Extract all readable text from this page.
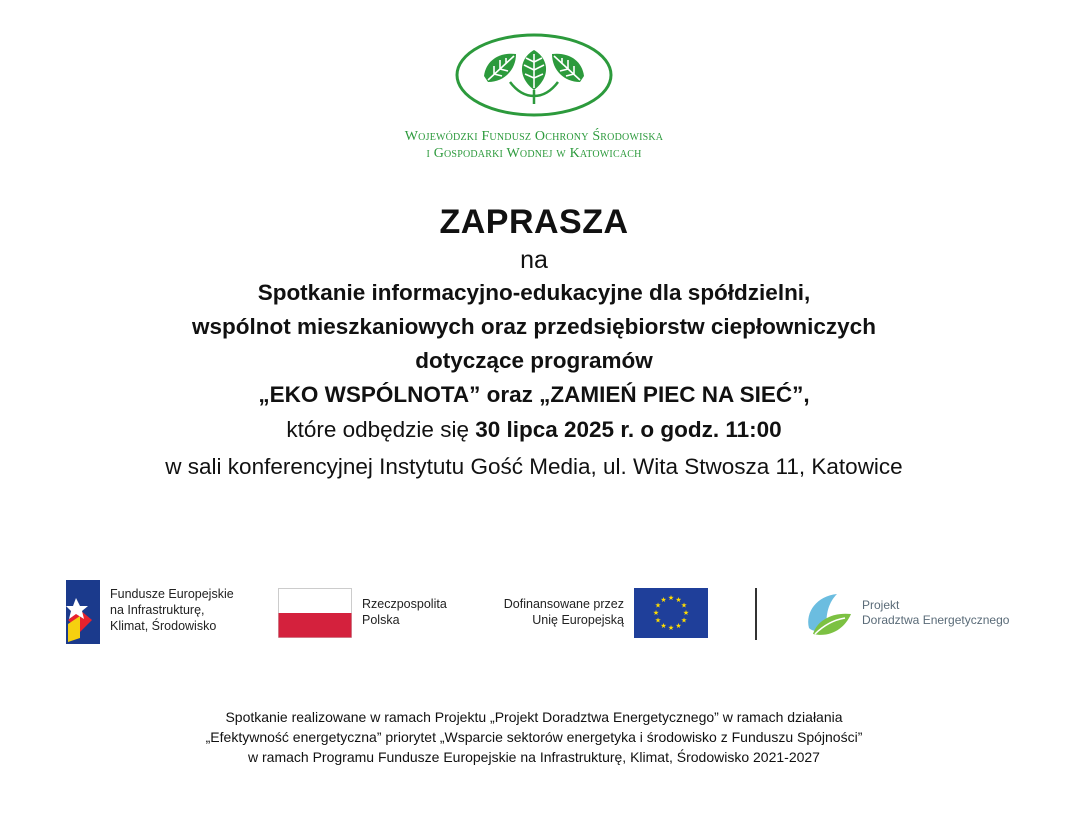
Wojewódzki Fundusz Ochrony Środowiska
i Gospodarki Wodnej w Katowicach
ZAPRASZA
na
Spotkanie informacyjno-edukacyjne dla spółdzielni,
wspólnot mieszkaniowych oraz przedsiębiorstw ciepłowniczych
dotyczące programów
„EKO WSPÓLNOTA” oraz „ZAMIEŃ PIEC NA SIEĆ”,
które odbędzie się 30 lipca 2025 r. o godz. 11:00
w sali konferencyjnej Instytutu Gość Media, ul. Wita Stwosza 11, Katowice
Fundusze Europejskie
na Infrastrukturę,
Klimat, Środowisko
Rzeczpospolita
Polska
Dofinansowane przez
Unię Europejską
★ ★
★
★
★
★
★
★
★
★
★
★	Projekt
Doradztwa Energetycznego
Spotkanie realizowane w ramach Projektu „Projekt Doradztwa Energetycznego” w ramach działania
„Efektywność energetyczna” priorytet „Wsparcie sektorów energetyka i środowisko z Funduszu Spójności”
w ramach Programu Fundusze Europejskie na Infrastrukturę, Klimat, Środowisko 2021-2027
